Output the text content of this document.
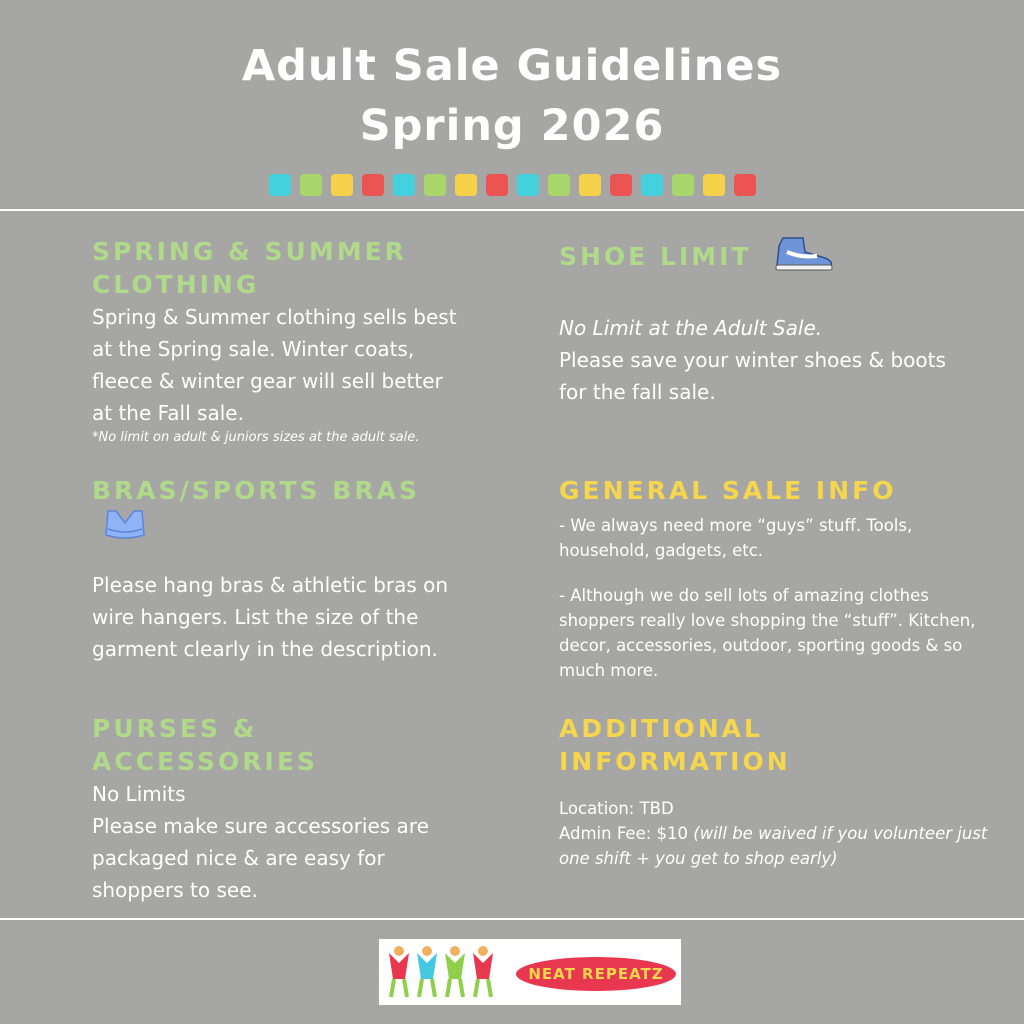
Adult Sale Guidelines
Spring 2026

SPRING & SUMMER
CLOTHING

Spring & Summer clothing sells best at the Spring sale. Winter coats, fleece & winter gear will sell better at the Fall sale.

*No limit on adult & juniors sizes at the adult sale.

BRAS/SPORTS BRAS

Please hang bras & athletic bras on wire hangers. List the size of the garment clearly in the description.

PURSES &
ACCESSORIES

No Limits

Please make sure accessories are packaged nice & are easy for shoppers to see.

SHOE LIMIT

No Limit at the Adult Sale.

Please save your winter shoes & boots for the fall sale.

GENERAL SALE INFO

- We always need more “guys” stuff. Tools, household, gadgets, etc.

- Although we do sell lots of amazing clothes shoppers really love shopping the “stuff”. Kitchen, decor, accessories, outdoor, sporting goods & so much more.

ADDITIONAL
INFORMATION

Location: TBD

Admin Fee: $10 (will be waived if you volunteer just one shift + you get to shop early)

NEAT REPEATZ
